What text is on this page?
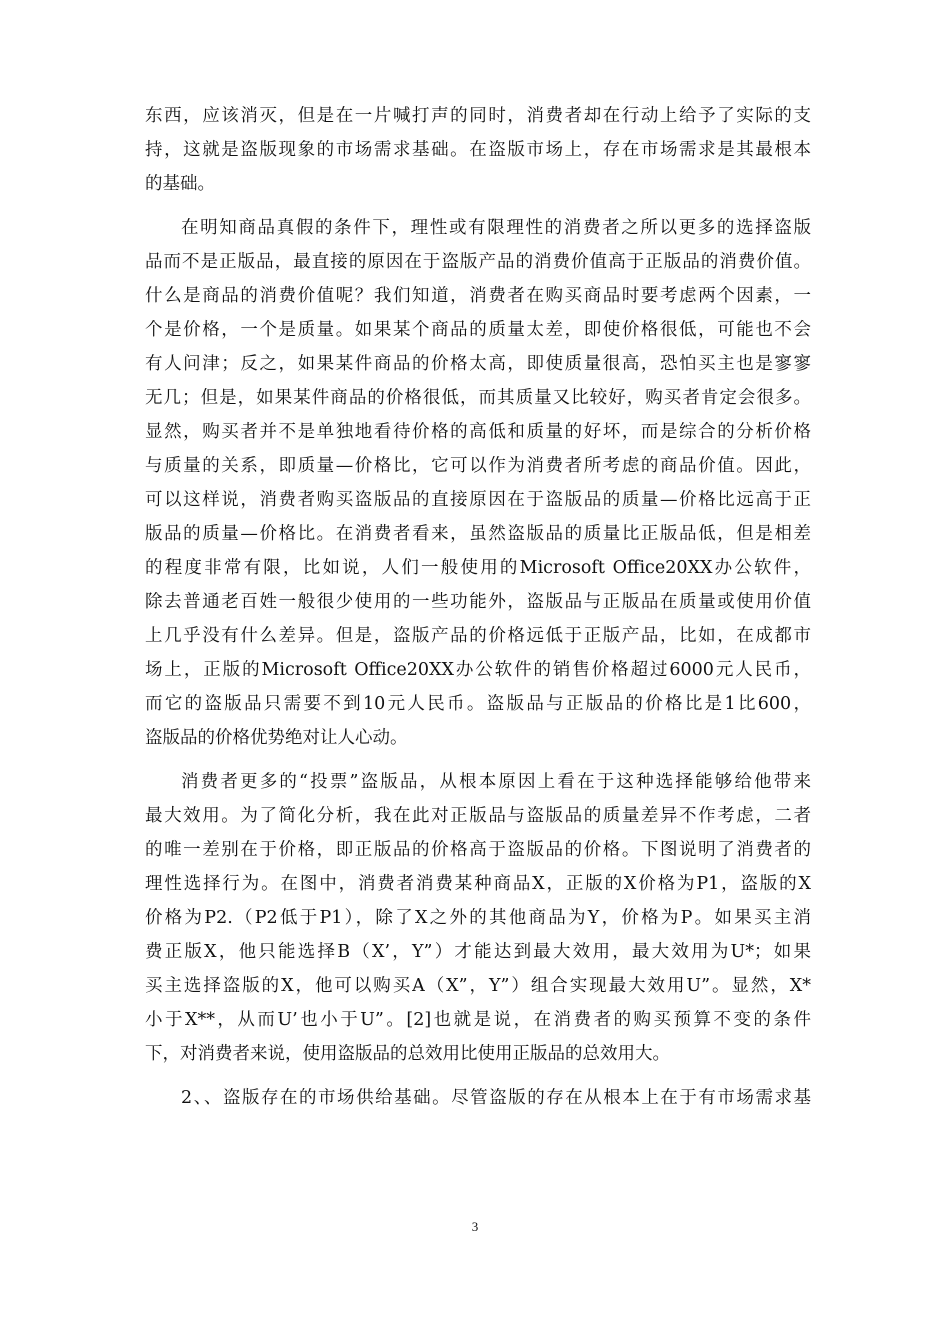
东西，应该消灭，但是在一片喊打声的同时，消费者却在行动上给予了实际的支
持，这就是盗版现象的市场需求基础。在盗版市场上，存在市场需求是其最根本
的基础。
在明知商品真假的条件下，理性或有限理性的消费者之所以更多的选择盗版
品而不是正版品，最直接的原因在于盗版产品的消费价值高于正版品的消费价值。
什么是商品的消费价值呢？我们知道，消费者在购买商品时要考虑两个因素，一
个是价格，一个是质量。如果某个商品的质量太差，即使价格很低，可能也不会
有人问津；反之，如果某件商品的价格太高，即使质量很高，恐怕买主也是寥寥
无几；但是，如果某件商品的价格很低，而其质量又比较好，购买者肯定会很多。
显然，购买者并不是单独地看待价格的高低和质量的好坏，而是综合的分析价格
与质量的关系，即质量—价格比，它可以作为消费者所考虑的商品价值。因此，
可以这样说，消费者购买盗版品的直接原因在于盗版品的质量—价格比远高于正
版品的质量—价格比。在消费者看来，虽然盗版品的质量比正版品低，但是相差
的程度非常有限，比如说，人们一般使用的Microsoft Office20XX办公软件，
除去普通老百姓一般很少使用的一些功能外，盗版品与正版品在质量或使用价值
上几乎没有什么差异。但是，盗版产品的价格远低于正版产品，比如，在成都市
场上，正版的Microsoft Office20XX办公软件的销售价格超过6000元人民币，
而它的盗版品只需要不到10元人民币。盗版品与正版品的价格比是1比600，
盗版品的价格优势绝对让人心动。
消费者更多的“投票”盗版品，从根本原因上看在于这种选择能够给他带来
最大效用。为了简化分析，我在此对正版品与盗版品的质量差异不作考虑，二者
的唯一差别在于价格，即正版品的价格高于盗版品的价格。下图说明了消费者的
理性选择行为。在图中，消费者消费某种商品X，正版的X价格为P1，盗版的X
价格为P2.（P2低于P1），除了X之外的其他商品为Y，价格为P。如果买主消
费正版X，他只能选择B（X’，Y”）才能达到最大效用，最大效用为U*；如果
买主选择盗版的X，他可以购买A（X”，Y”）组合实现最大效用U”。显然，X*
小于X**，从而U’也小于U”。[2]也就是说，在消费者的购买预算不变的条件
下，对消费者来说，使用盗版品的总效用比使用正版品的总效用大。
2、、盗版存在的市场供给基础。尽管盗版的存在从根本上在于有市场需求基
3
